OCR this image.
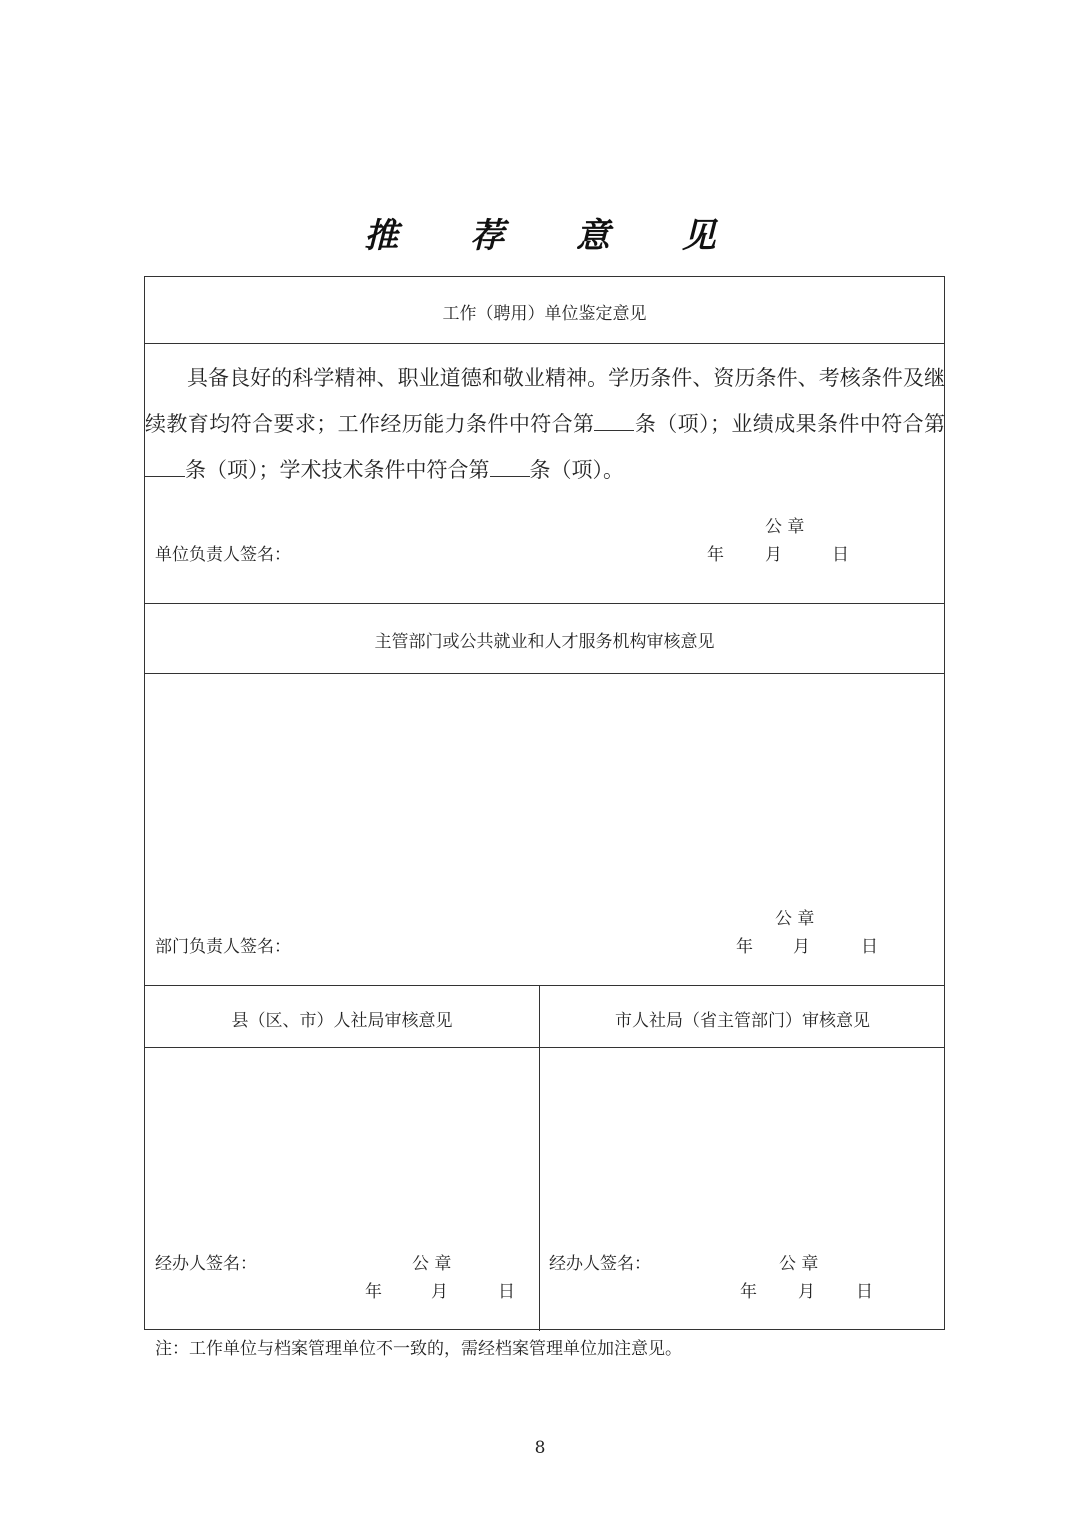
推 荐 意 见
工作（聘用）单位鉴定意见

具备良好的科学精神、职业道德和敬业精神。学历条件、资历条件、考核条件及继续教育均符合要求；工作经历能力条件中符合第 条（项）；业绩成果条件中符合第条（项）；学术技术条件中符合第 条（项）。

公 章
单位负责人签名：	年 月	日
主管部门或公共就业和人才服务机构审核意见
公 章
部门负责人签名：	年 月	日
县（区、市）人社局审核意见	市人社局（省主管部门）审核意见
经办人签名：	公 章
年	月	日
经办人签名：	公 章
年 月 日
注：工作单位与档案管理单位不一致的，需经档案管理单位加注意见。
8
